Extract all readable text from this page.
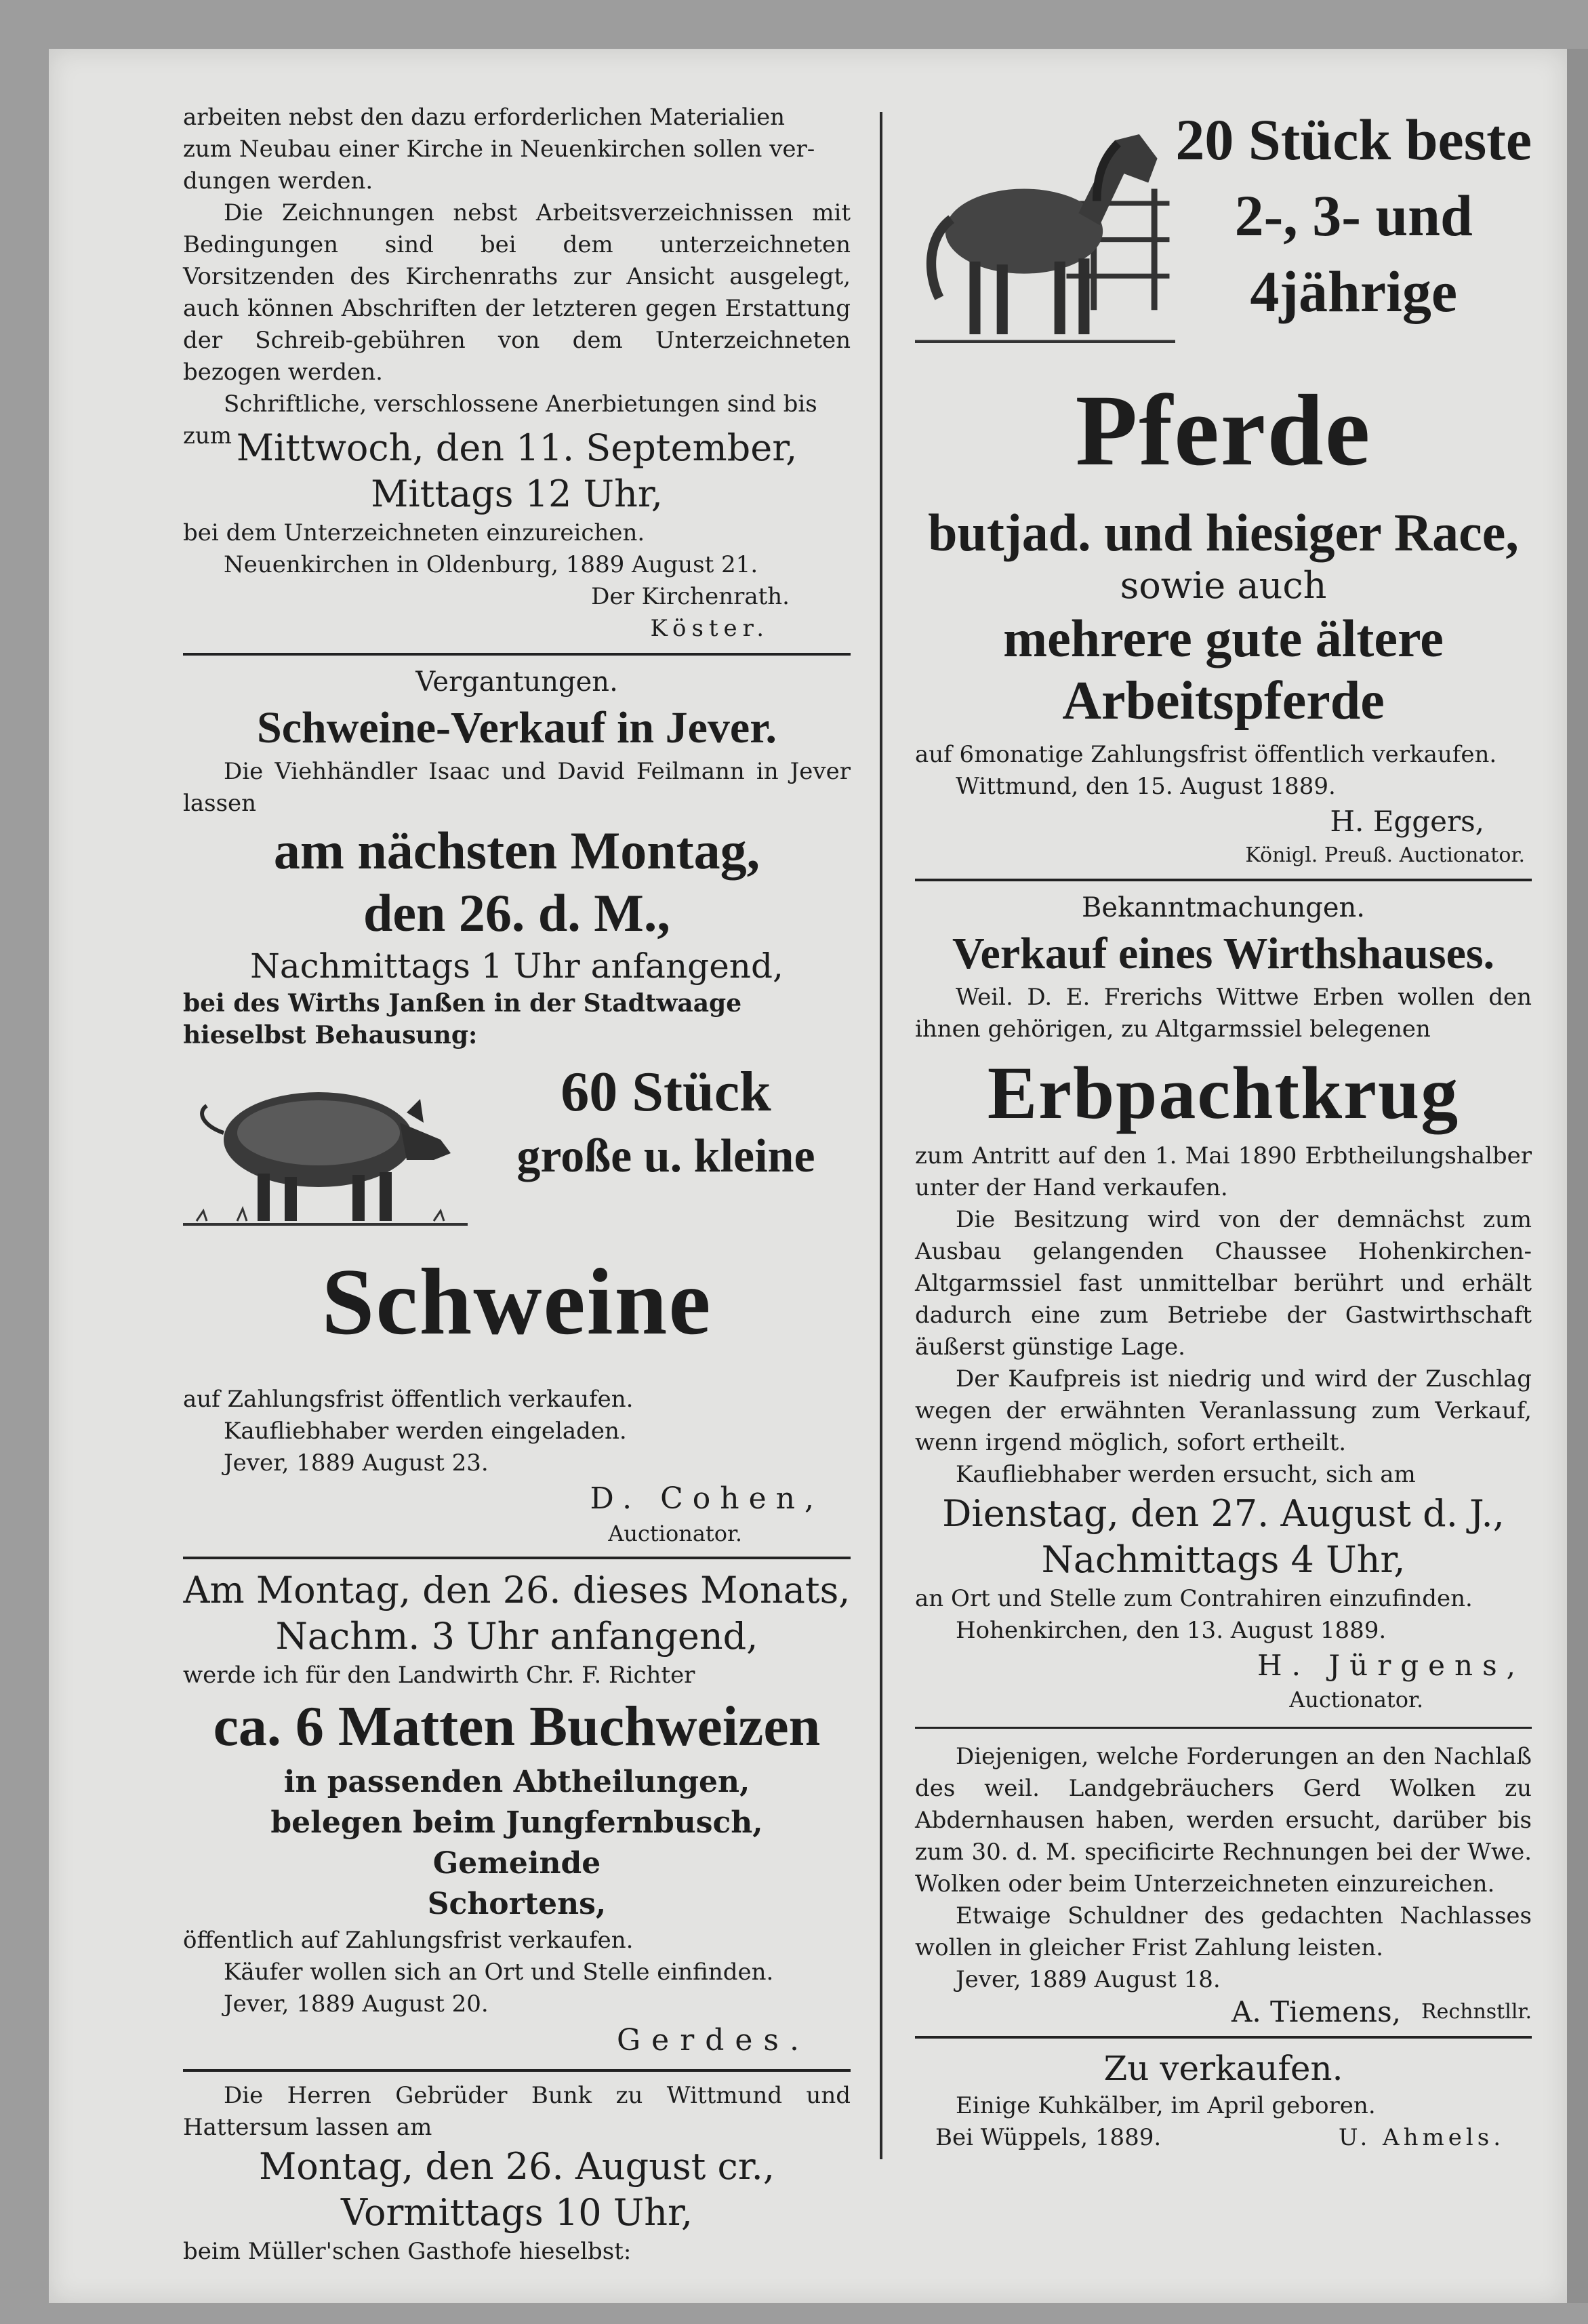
arbeiten nebst den dazu erforderlichen Materialien

zum Neubau einer Kirche in Neuenkirchen sollen ver-

dungen werden.

Die Zeichnungen nebst Arbeitsverzeichnissen mit Bedingungen sind bei dem unterzeichneten Vorsitzenden des Kirchenraths zur Ansicht ausgelegt, auch können Abschriften der letzteren gegen Erstattung der Schreib-gebühren von dem Unterzeichneten bezogen werden.

Schriftliche, verschlossene Anerbietungen sind bis

zum Mittwoch, den 11. September,

Mittags 12 Uhr,

bei dem Unterzeichneten einzureichen.

Neuenkirchen in Oldenburg, 1889 August 21.

Der Kirchenrath.

Köster.

Vergantungen.

Schweine-Verkauf in Jever.

Die Viehhändler Isaac und David Feilmann in Jever lassen

am nächsten Montag,

den 26. d. M.,

Nachmittags 1 Uhr anfangend,

bei des Wirths Janßen in der Stadtwaage

hieselbst Behausung:

60 Stück

große u. kleine

Schweine

auf Zahlungsfrist öffentlich verkaufen.

Kaufliebhaber werden eingeladen.

Jever, 1889 August 23.

D. Cohen,

Auctionator.

Am Montag, den 26. dieses Monats,

Nachm. 3 Uhr anfangend,

werde ich für den Landwirth Chr. F. Richter

ca. 6 Matten Buchweizen

in passenden Abtheilungen,

belegen beim Jungfernbusch, Gemeinde

Schortens,

öffentlich auf Zahlungsfrist verkaufen.

Käufer wollen sich an Ort und Stelle einfinden.

Jever, 1889 August 20.

Gerdes.

Die Herren Gebrüder Bunk zu Wittmund und Hattersum lassen am

Montag, den 26. August cr.,

Vormittags 10 Uhr,

beim Müller'schen Gasthofe hieselbst:

20 Stück beste

2-, 3- und

4jährige

Pferde

butjad. und hiesiger Race,

sowie auch

mehrere gute ältere

Arbeitspferde

auf 6monatige Zahlungsfrist öffentlich verkaufen.

Wittmund, den 15. August 1889.

H. Eggers,

Königl. Preuß. Auctionator.

Bekanntmachungen.

Verkauf eines Wirthshauses.

Weil. D. E. Frerichs Wittwe Erben wollen den ihnen gehörigen, zu Altgarmssiel belegenen

Erbpachtkrug

zum Antritt auf den 1. Mai 1890 Erbtheilungshalber unter der Hand verkaufen.

Die Besitzung wird von der demnächst zum Ausbau gelangenden Chaussee Hohenkirchen-Altgarmssiel fast unmittelbar berührt und erhält dadurch eine zum Betriebe der Gastwirthschaft äußerst günstige Lage.

Der Kaufpreis ist niedrig und wird der Zuschlag wegen der erwähnten Veranlassung zum Verkauf, wenn irgend möglich, sofort ertheilt.

Kaufliebhaber werden ersucht, sich am

Dienstag, den 27. August d. J.,

Nachmittags 4 Uhr,

an Ort und Stelle zum Contrahiren einzufinden.

Hohenkirchen, den 13. August 1889.

H. Jürgens,

Auctionator.

Diejenigen, welche Forderungen an den Nachlaß des weil. Landgebräuchers Gerd Wolken zu Abdernhausen haben, werden ersucht, darüber bis zum 30. d. M. specificirte Rechnungen bei der Wwe. Wolken oder beim Unterzeichneten einzureichen.

Etwaige Schuldner des gedachten Nachlasses wollen in gleicher Frist Zahlung leisten.

Jever, 1889 August 18.

A. Tiemens, Rechnstllr.

Zu verkaufen.

Einige Kuhkälber, im April geboren.

Bei Wüppels, 1889.	U. Ahmels.
